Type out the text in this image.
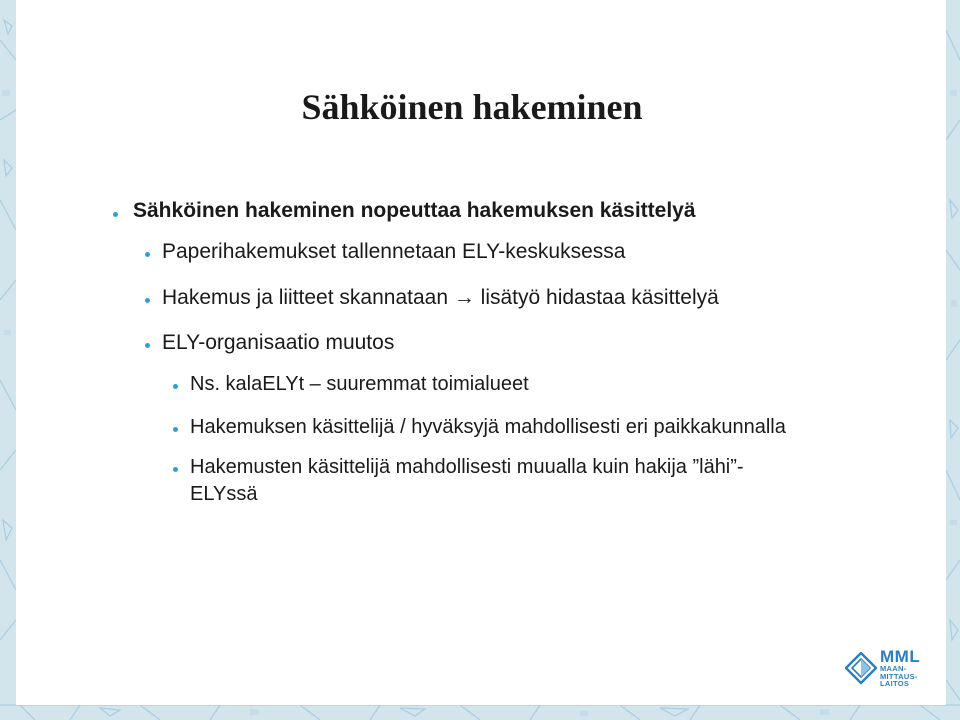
Sähköinen hakeminen
Sähköinen hakeminen nopeuttaa hakemuksen käsittelyä
Paperihakemukset tallennetaan ELY-keskuksessa
Hakemus ja liitteet skannataan → lisätyö hidastaa käsittelyä
ELY-organisaatio muutos
Ns. kalaELYt – suuremmat toimialueet
Hakemuksen käsittelijä / hyväksyjä mahdollisesti eri paikkakunnalla
Hakemusten käsittelijä mahdollisesti muualla kuin hakija ”lähi”-
ELYssä
MML
MAAN-
MITTAUS-
LAITOS
